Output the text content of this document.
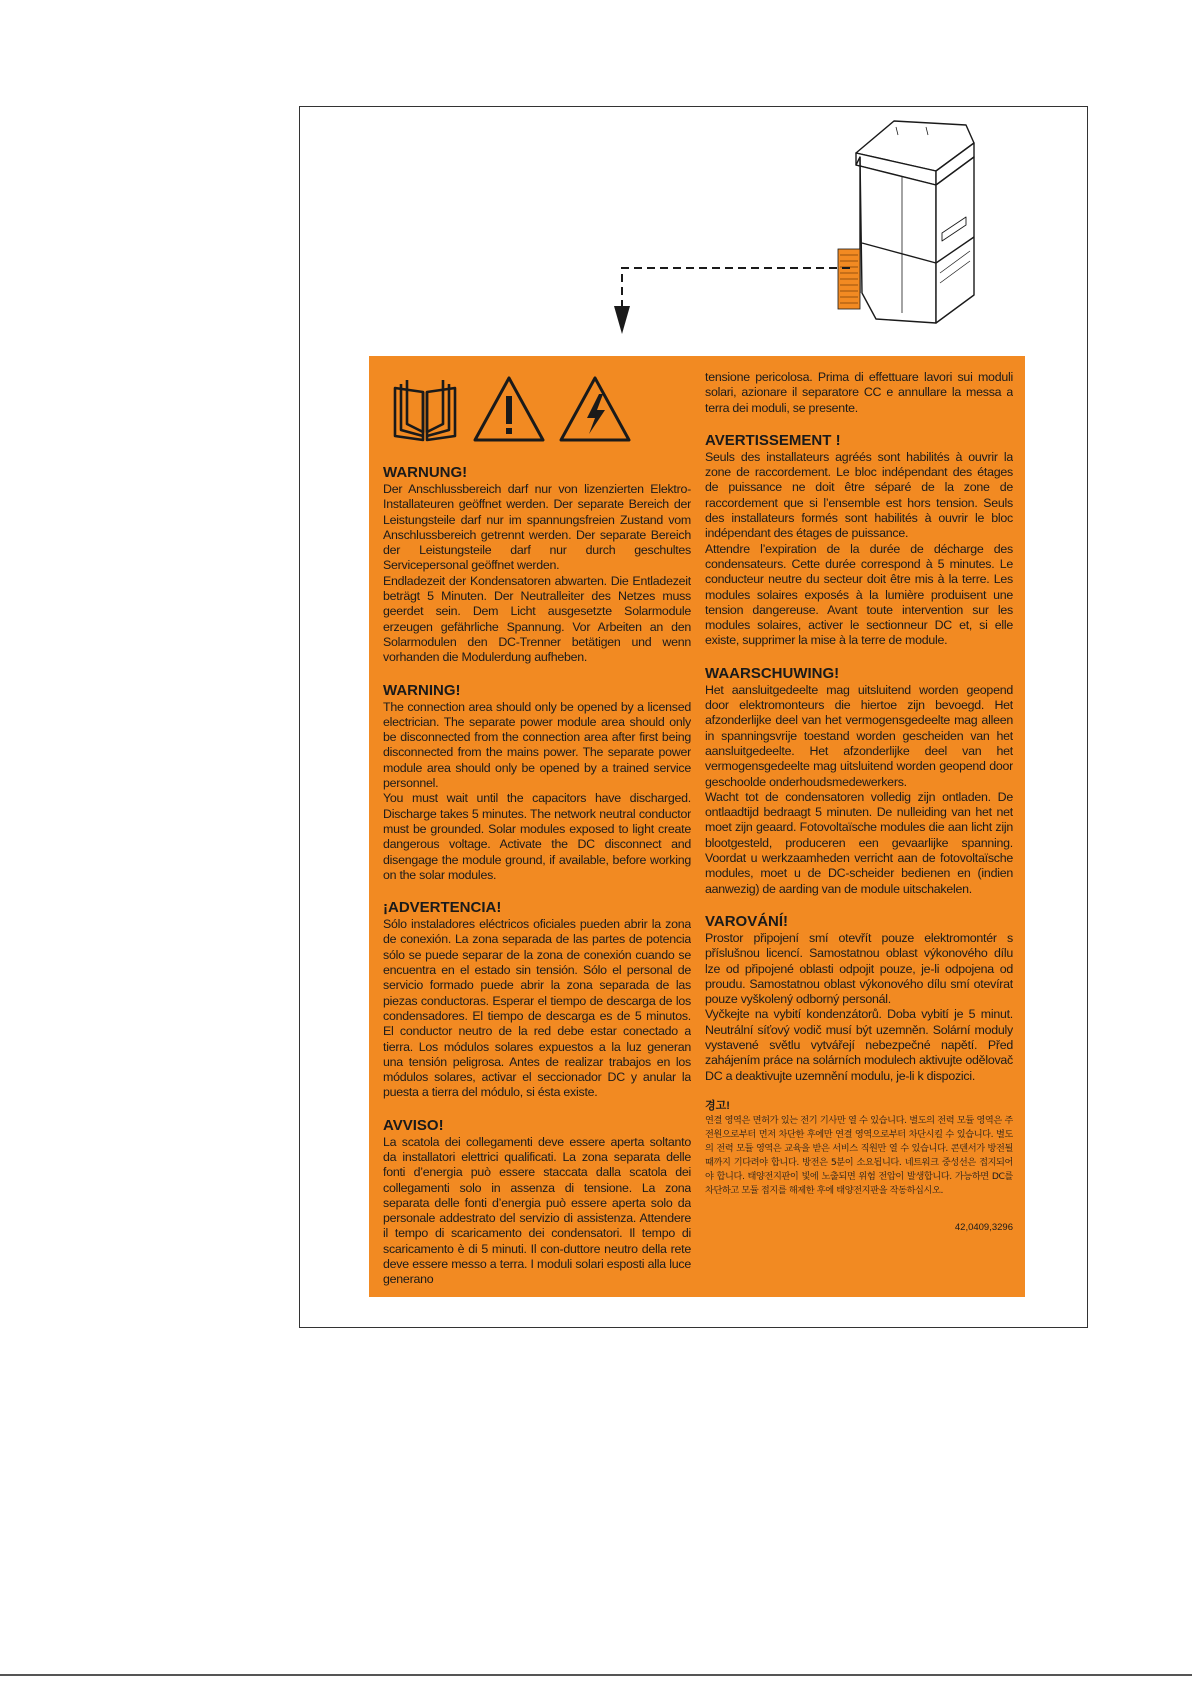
WARNUNG!

Der Anschlussbereich darf nur von lizenzierten Elektro-Installateuren geöffnet werden. Der separate Bereich der Leistungsteile darf nur im spannungsfreien Zustand vom Anschlussbereich getrennt werden. Der separate Bereich der Leistungsteile darf nur durch geschultes Servicepersonal geöffnet werden.

Endladezeit der Kondensatoren abwarten. Die Entladezeit beträgt 5 Minuten. Der Neutralleiter des Netzes muss geerdet sein. Dem Licht ausgesetzte Solarmodule erzeugen gefährliche Spannung. Vor Arbeiten an den Solarmodulen den DC-Trenner betätigen und wenn vorhanden die Modulerdung aufheben.

WARNING!

The connection area should only be opened by a licensed electrician. The separate power module area should only be disconnected from the connection area after first being disconnected from the mains power. The separate power module area should only be opened by a trained service personnel.

You must wait until the capacitors have discharged. Discharge takes 5 minutes. The network neutral conductor must be grounded. Solar modules exposed to light create dangerous voltage. Activate the DC disconnect and disengage the module ground, if available, before working on the solar modules.

¡ADVERTENCIA!

Sólo instaladores eléctricos oficiales pueden abrir la zona de conexión. La zona separada de las partes de potencia sólo se puede separar de la zona de conexión cuando se encuentra en el estado sin tensión. Sólo el personal de servicio formado puede abrir la zona separada de las piezas conductoras. Esperar el tiempo de descarga de los condensadores. El tiempo de descarga es de 5 minutos. El conductor neutro de la red debe estar conectado a tierra. Los módulos solares expuestos a la luz generan una tensión peligrosa. Antes de realizar trabajos en los módulos solares, activar el seccionador DC y anular la puesta a tierra del módulo, si ésta existe.

AVVISO!

La scatola dei collegamenti deve essere aperta soltanto da installatori elettrici qualificati. La zona separata delle fonti d’energia può essere staccata dalla scatola dei collegamenti solo in assenza di tensione. La zona separata delle fonti d’energia può essere aperta solo da personale addestrato del servizio di assistenza. Attendere il tempo di scaricamento dei condensatori. Il tempo di scaricamento è di 5 minuti. Il con-duttore neutro della rete deve essere messo a terra. I moduli solari esposti alla luce generano

tensione pericolosa. Prima di effettuare lavori sui moduli solari, azionare il separatore CC e annullare la messa a terra dei moduli, se presente.

AVERTISSEMENT !

Seuls des installateurs agréés sont habilités à ouvrir la zone de raccordement. Le bloc indépendant des étages de puissance ne doit être séparé de la zone de raccordement que si l’ensemble est hors tension. Seuls des installateurs formés sont habilités à ouvrir le bloc indépendant des étages de puissance.

Attendre l’expiration de la durée de décharge des condensateurs. Cette durée correspond à 5 minutes. Le conducteur neutre du secteur doit être mis à la terre. Les modules solaires exposés à la lumière produisent une tension dangereuse. Avant toute intervention sur les modules solaires, activer le sectionneur DC et, si elle existe, supprimer la mise à la terre de module.

WAARSCHUWING!

Het aansluitgedeelte mag uitsluitend worden geopend door elektromonteurs die hiertoe zijn bevoegd. Het afzonderlijke deel van het vermogensgedeelte mag alleen in spanningsvrije toestand worden gescheiden van het aansluitgedeelte. Het afzonderlijke deel van het vermogensgedeelte mag uitsluitend worden geopend door geschoolde onderhoudsmedewerkers.

Wacht tot de condensatoren volledig zijn ontladen. De ontlaadtijd bedraagt 5 minuten. De nulleiding van het net moet zijn geaard. Fotovoltaïsche modules die aan licht zijn blootgesteld, produceren een gevaarlijke spanning. Voordat u werkzaamheden verricht aan de fotovoltaïsche modules, moet u de DC-scheider bedienen en (indien aanwezig) de aarding van de module uitschakelen.

VAROVÁNÍ!

Prostor připojení smí otevřít pouze elektromontér s příslušnou licencí. Samostatnou oblast výkonového dílu lze od připojené oblasti odpojit pouze, je-li odpojena od proudu. Samostatnou oblast výkonového dílu smí otevírat pouze vyškolený odborný personál.

Vyčkejte na vybití kondenzátorů. Doba vybití je 5 minut. Neutrální síťový vodič musí být uzemněn. Solární moduly vystavené světlu vytvářejí nebezpečné napětí. Před zahájením práce na solárních modulech aktivujte odělovač DC a deaktivujte uzemnění modulu, je-li k dispozici.

경고!

연결 영역은 면허가 있는 전기 기사만 열 수 있습니다. 별도의 전력 모듈 영역은 주 전원으로부터 먼저 차단한 후에만 연결 영역으로부터 차단시킬 수 있습니다. 별도의 전력 모듈 영역은 교육을 받은 서비스 직원만 열 수 있습니다. 콘덴서가 방전될 때까지 기다려야 합니다. 방전은 5분이 소요됩니다. 네트워크 중성선은 접지되어야 합니다. 태양전지판이 빛에 노출되면 위험 전압이 발생합니다. 가능하면 DC를 차단하고 모듈 접지를 해제한 후에 태양전지판을 작동하십시오.

42,0409,3296
